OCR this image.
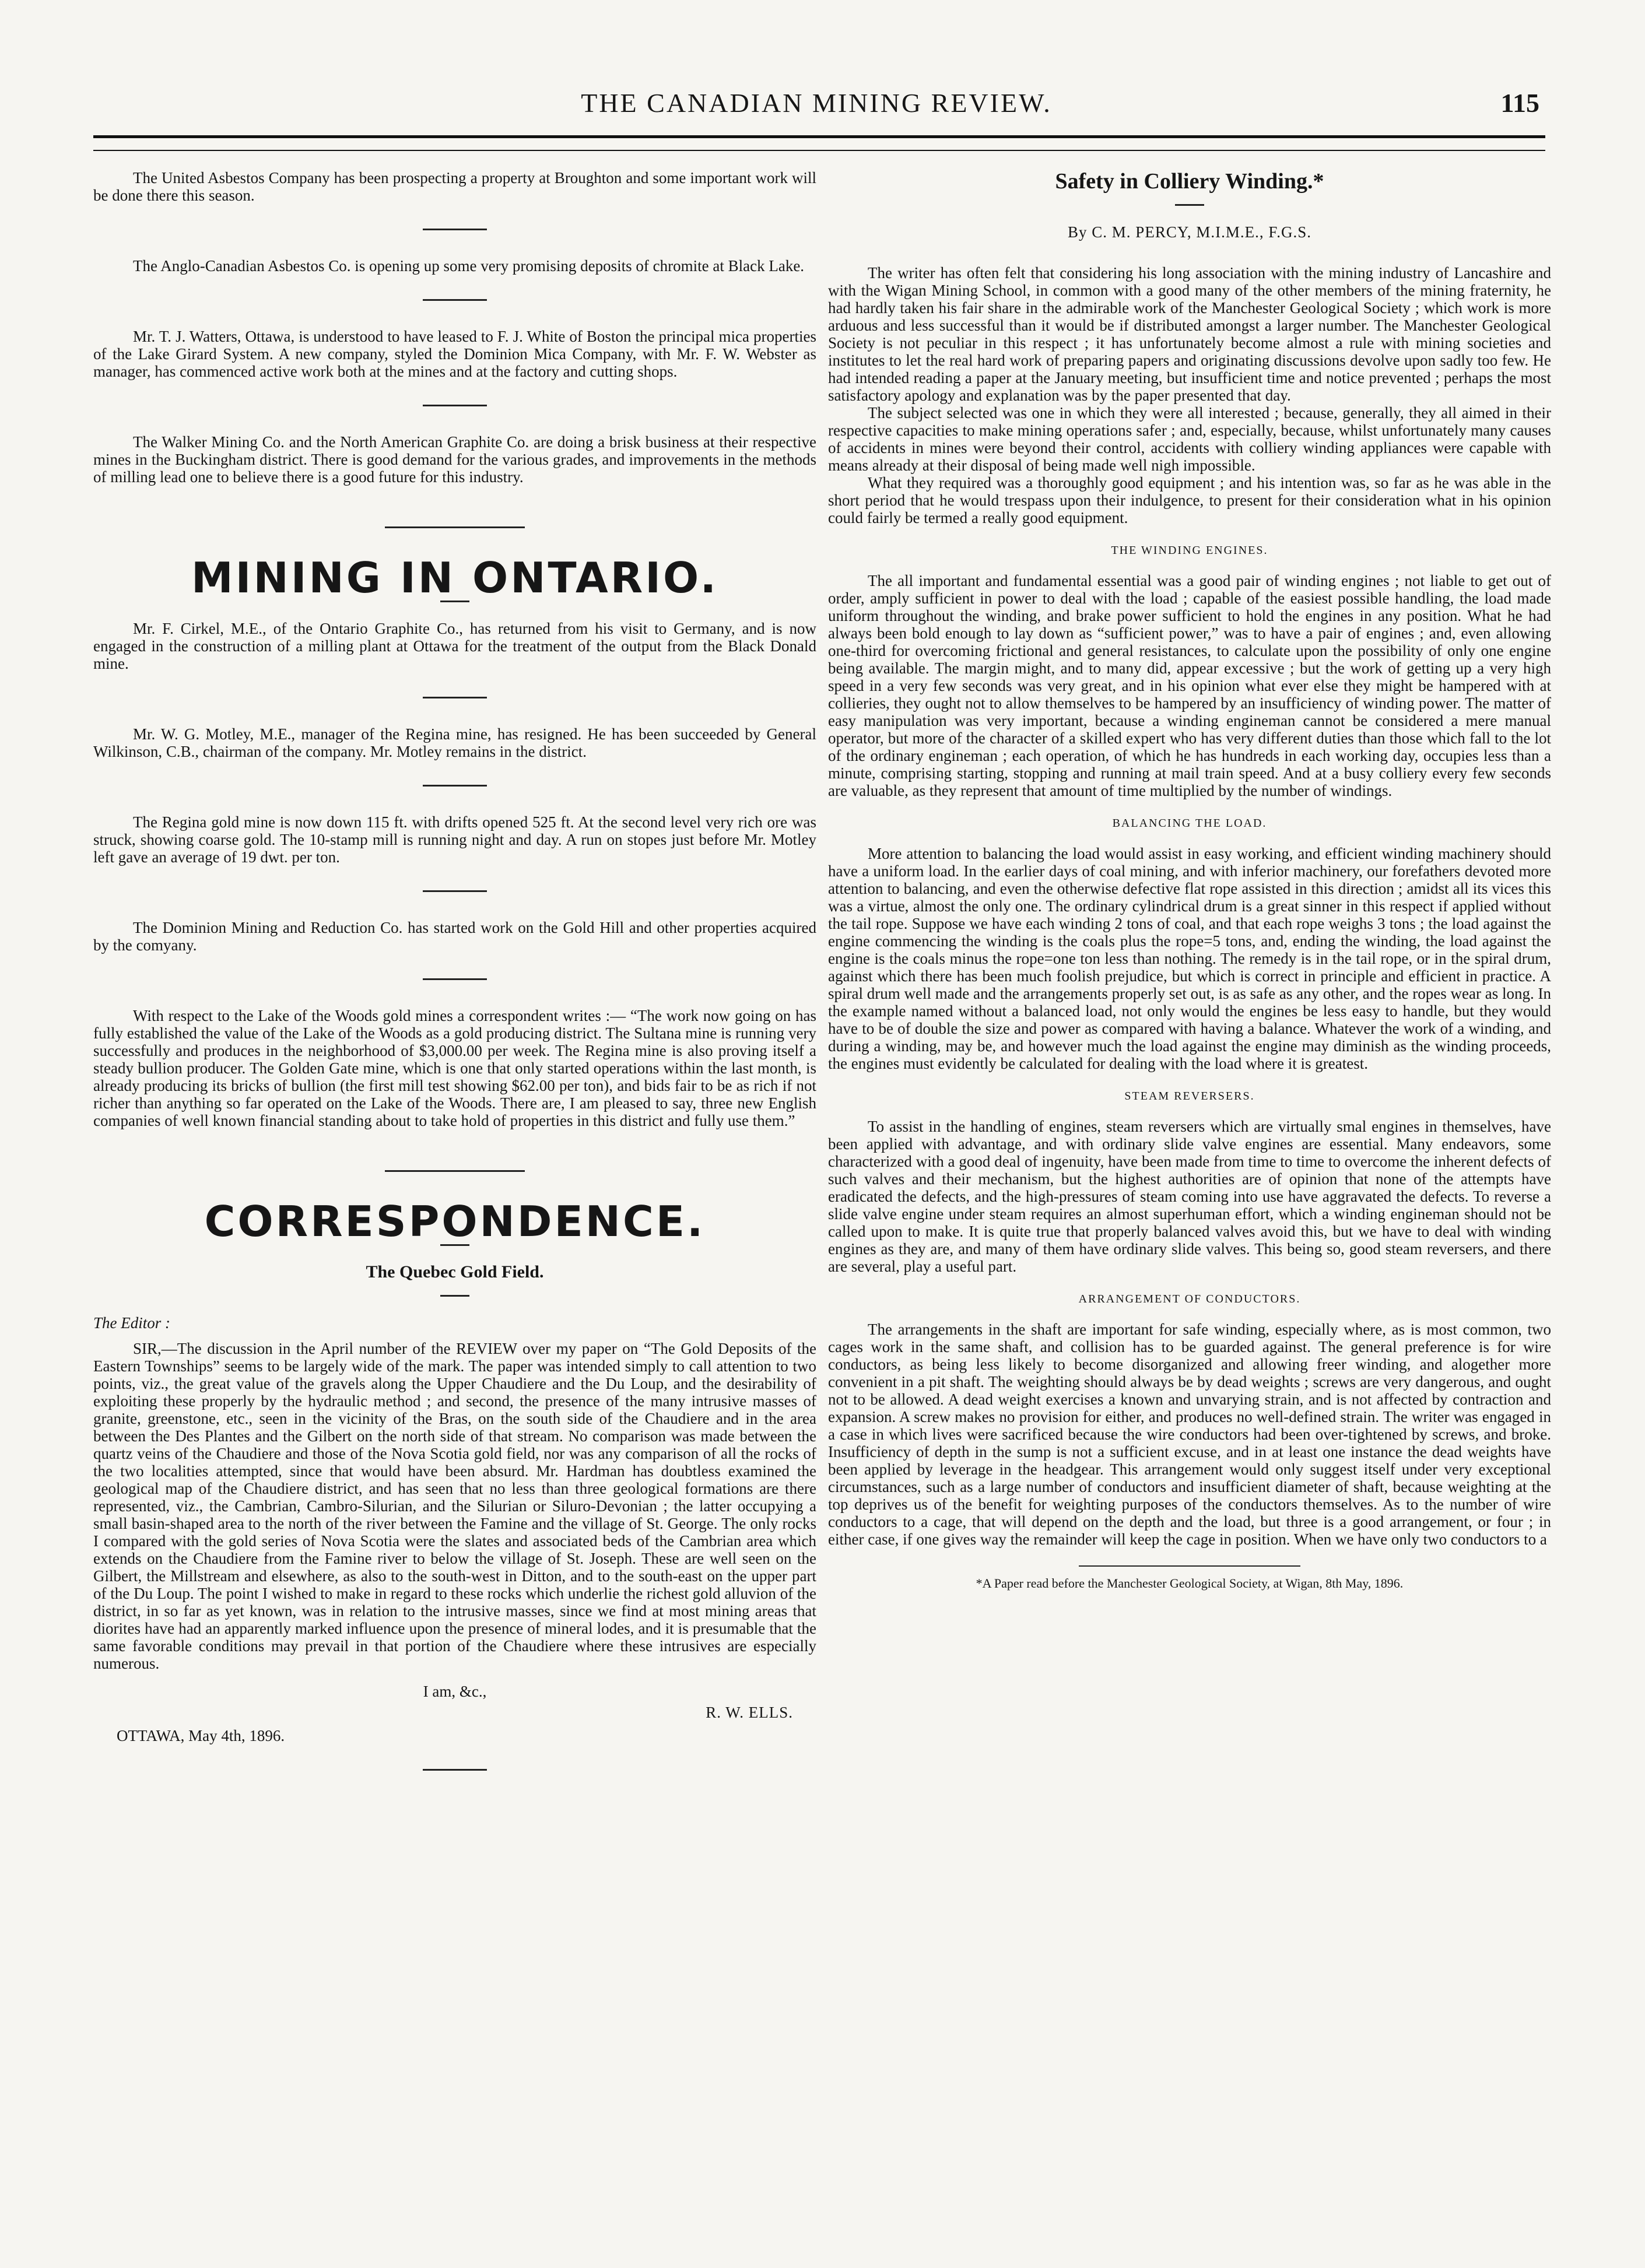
THE CANADIAN MINING REVIEW.	115

The United Asbestos Company has been prospecting a property at Broughton and some important work will be done there this season.

The Anglo-Canadian Asbestos Co. is opening up some very promising deposits of chromite at Black Lake.

Mr. T. J. Watters, Ottawa, is understood to have leased to F. J. White of Boston the principal mica properties of the Lake Girard System. A new company, styled the Dominion Mica Company, with Mr. F. W. Webster as manager, has commenced active work both at the mines and at the factory and cutting shops.

The Walker Mining Co. and the North American Graphite Co. are doing a brisk business at their respective mines in the Buckingham district. There is good demand for the various grades, and improvements in the methods of milling lead one to believe there is a good future for this industry.

MINING IN ONTARIO.

Mr. F. Cirkel, M.E., of the Ontario Graphite Co., has returned from his visit to Germany, and is now engaged in the construction of a milling plant at Ottawa for the treatment of the output from the Black Donald mine.

Mr. W. G. Motley, M.E., manager of the Regina mine, has resigned. He has been succeeded by General Wilkinson, C.B., chairman of the company. Mr. Motley remains in the district.

The Regina gold mine is now down 115 ft. with drifts opened 525 ft. At the second level very rich ore was struck, showing coarse gold. The 10-stamp mill is running night and day. A run on stopes just before Mr. Motley left gave an average of 19 dwt. per ton.

The Dominion Mining and Reduction Co. has started work on the Gold Hill and other properties acquired by the comyany.

With respect to the Lake of the Woods gold mines a correspondent writes :— “The work now going on has fully established the value of the Lake of the Woods as a gold producing district. The Sultana mine is running very successfully and produces in the neighborhood of $3,000.00 per week. The Regina mine is also proving itself a steady bullion producer. The Golden Gate mine, which is one that only started operations within the last month, is already producing its bricks of bullion (the first mill test showing $62.00 per ton), and bids fair to be as rich if not richer than anything so far operated on the Lake of the Woods. There are, I am pleased to say, three new English companies of well known financial standing about to take hold of properties in this district and fully use them.”

CORRESPONDENCE.
The Quebec Gold Field.
The Editor :

SIR,—The discussion in the April number of the REVIEW over my paper on “The Gold Deposits of the Eastern Townships” seems to be largely wide of the mark. The paper was intended simply to call attention to two points, viz., the great value of the gravels along the Upper Chaudiere and the Du Loup, and the desirability of exploiting these properly by the hydraulic method ; and second, the presence of the many intrusive masses of granite, greenstone, etc., seen in the vicinity of the Bras, on the south side of the Chaudiere and in the area between the Des Plantes and the Gilbert on the north side of that stream. No comparison was made between the quartz veins of the Chaudiere and those of the Nova Scotia gold field, nor was any comparison of all the rocks of the two localities attempted, since that would have been absurd. Mr. Hardman has doubtless examined the geological map of the Chaudiere district, and has seen that no less than three geological formations are there represented, viz., the Cambrian, Cambro-Silurian, and the Silurian or Siluro-Devonian ; the latter occupying a small basin-shaped area to the north of the river between the Famine and the village of St. George. The only rocks I compared with the gold series of Nova Scotia were the slates and associated beds of the Cambrian area which extends on the Chaudiere from the Famine river to below the village of St. Joseph. These are well seen on the Gilbert, the Millstream and elsewhere, as also to the south-west in Ditton, and to the south-east on the upper part of the Du Loup. The point I wished to make in regard to these rocks which underlie the richest gold alluvion of the district, in so far as yet known, was in relation to the intrusive masses, since we find at most mining areas that diorites have had an apparently marked influence upon the presence of mineral lodes, and it is presumable that the same favorable conditions may prevail in that portion of the Chaudiere where these intrusives are especially numerous.

I am, &c.,
OTTAWA, May 4th, 1896.
R. W. ELLS.
Safety in Colliery Winding.*
By C. M. PERCY, M.I.M.E., F.G.S.

The writer has often felt that considering his long association with the mining industry of Lancashire and with the Wigan Mining School, in common with a good many of the other members of the mining fraternity, he had hardly taken his fair share in the admirable work of the Manchester Geological Society ; which work is more arduous and less successful than it would be if distributed amongst a larger number. The Manchester Geological Society is not peculiar in this respect ; it has unfortunately become almost a rule with mining societies and institutes to let the real hard work of preparing papers and originating discussions devolve upon sadly too few. He had intended reading a paper at the January meeting, but insufficient time and notice prevented ; perhaps the most satisfactory apology and explanation was by the paper presented that day.

The subject selected was one in which they were all interested ; because, generally, they all aimed in their respective capacities to make mining operations safer ; and, especially, because, whilst unfortunately many causes of accidents in mines were beyond their control, accidents with colliery winding appliances were capable with means already at their disposal of being made well nigh impossible.

What they required was a thoroughly good equipment ; and his intention was, so far as he was able in the short period that he would trespass upon their indulgence, to present for their consideration what in his opinion could fairly be termed a really good equipment.

THE WINDING ENGINES.

The all important and fundamental essential was a good pair of winding engines ; not liable to get out of order, amply sufficient in power to deal with the load ; capable of the easiest possible handling, the load made uniform throughout the winding, and brake power sufficient to hold the engines in any position. What he had always been bold enough to lay down as “sufficient power,” was to have a pair of engines ; and, even allowing one-third for overcoming frictional and general resistances, to calculate upon the possibility of only one engine being available. The margin might, and to many did, appear excessive ; but the work of getting up a very high speed in a very few seconds was very great, and in his opinion what ever else they might be hampered with at collieries, they ought not to allow themselves to be hampered by an insufficiency of winding power. The matter of easy manipulation was very important, because a winding engineman cannot be considered a mere manual operator, but more of the character of a skilled expert who has very different duties than those which fall to the lot of the ordinary engineman ; each operation, of which he has hundreds in each working day, occupies less than a minute, comprising starting, stopping and running at mail train speed. And at a busy colliery every few seconds are valuable, as they represent that amount of time multiplied by the number of windings.

BALANCING THE LOAD.

More attention to balancing the load would assist in easy working, and efficient winding machinery should have a uniform load. In the earlier days of coal mining, and with inferior machinery, our forefathers devoted more attention to balancing, and even the otherwise defective flat rope assisted in this direction ; amidst all its vices this was a virtue, almost the only one. The ordinary cylindrical drum is a great sinner in this respect if applied without the tail rope. Suppose we have each winding 2 tons of coal, and that each rope weighs 3 tons ; the load against the engine commencing the winding is the coals plus the rope=5 tons, and, ending the winding, the load against the engine is the coals minus the rope=one ton less than nothing. The remedy is in the tail rope, or in the spiral drum, against which there has been much foolish prejudice, but which is correct in principle and efficient in practice. A spiral drum well made and the arrangements properly set out, is as safe as any other, and the ropes wear as long. In the example named without a balanced load, not only would the engines be less easy to handle, but they would have to be of double the size and power as compared with having a balance. Whatever the work of a winding, and during a winding, may be, and however much the load against the engine may diminish as the winding proceeds, the engines must evidently be calculated for dealing with the load where it is greatest.

STEAM REVERSERS.

To assist in the handling of engines, steam reversers which are virtually smal engines in themselves, have been applied with advantage, and with ordinary slide valve engines are essential. Many endeavors, some characterized with a good deal of ingenuity, have been made from time to time to overcome the inherent defects of such valves and their mechanism, but the highest authorities are of opinion that none of the attempts have eradicated the defects, and the high-pressures of steam coming into use have aggravated the defects. To reverse a slide valve engine under steam requires an almost superhuman effort, which a winding engineman should not be called upon to make. It is quite true that properly balanced valves avoid this, but we have to deal with winding engines as they are, and many of them have ordinary slide valves. This being so, good steam reversers, and there are several, play a useful part.

ARRANGEMENT OF CONDUCTORS.

The arrangements in the shaft are important for safe winding, especially where, as is most common, two cages work in the same shaft, and collision has to be guarded against. The general preference is for wire conductors, as being less likely to become disorganized and allowing freer winding, and alogether more convenient in a pit shaft. The weighting should always be by dead weights ; screws are very dangerous, and ought not to be allowed. A dead weight exercises a known and unvarying strain, and is not affected by contraction and expansion. A screw makes no provision for either, and produces no well-defined strain. The writer was engaged in a case in which lives were sacrificed because the wire conductors had been over-tightened by screws, and broke. Insufficiency of depth in the sump is not a sufficient excuse, and in at least one instance the dead weights have been applied by leverage in the headgear. This arrangement would only suggest itself under very exceptional circumstances, such as a large number of conductors and insufficient diameter of shaft, because weighting at the top deprives us of the benefit for weighting purposes of the conductors themselves. As to the number of wire conductors to a cage, that will depend on the depth and the load, but three is a good arrangement, or four ; in either case, if one gives way the remainder will keep the cage in position. When we have only two conductors to a

*A Paper read before the Manchester Geological Society, at Wigan, 8th May, 1896.
